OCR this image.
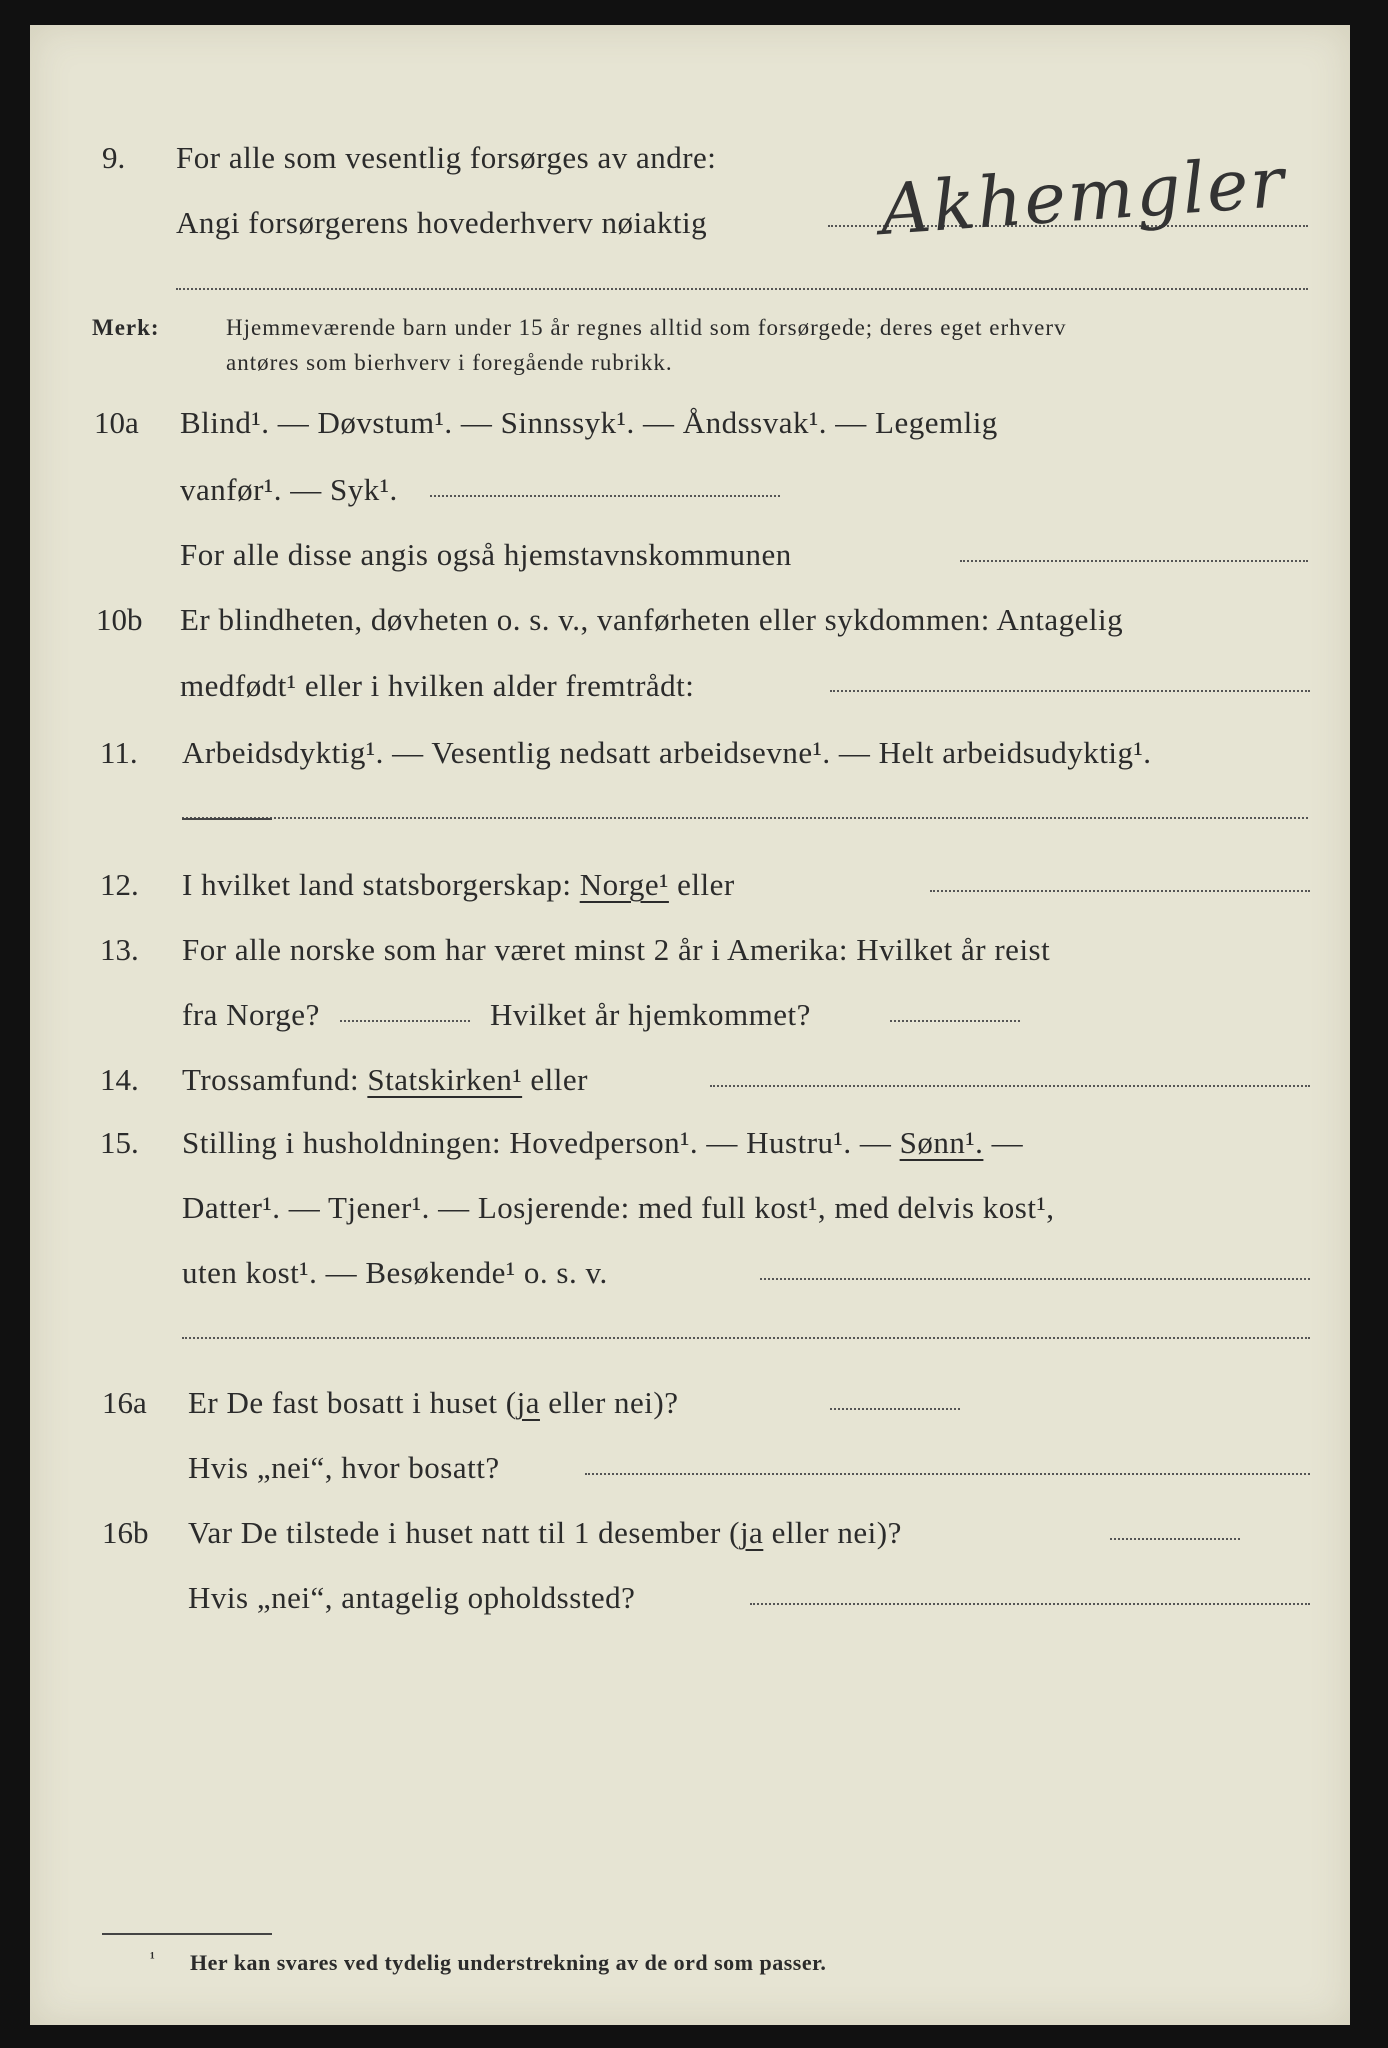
9. For alle som vesentlig forsørges av andre:
Angi forsørgerens hovederhverv nøiaktig Akhemgler
Merk:	Hjemmeværende barn under 15 år regnes alltid som forsørgede; deres eget erhverv
antøres som bierhverv i foregående rubrikk.
10a Blind¹. — Døvstum¹. — Sinnssyk¹. — Åndssvak¹. — Legemlig
vanfør¹. — Syk¹.
For alle disse angis også hjemstavnskommunen
10b Er blindheten, døvheten o. s. v., vanførheten eller sykdommen: Antagelig
medfødt¹ eller i hvilken alder fremtrådt:
11. Arbeidsdyktig¹. — Vesentlig nedsatt arbeidsevne¹. — Helt arbeidsudyktig¹.
12. I hvilket land statsborgerskap: Norge¹ eller
13. For alle norske som har været minst 2 år i Amerika: Hvilket år reist
fra Norge?	Hvilket år hjemkommet?
14. Trossamfund: Statskirken¹ eller
15. Stilling i husholdningen: Hovedperson¹. — Hustru¹. — Sønn¹. —
Datter¹. — Tjener¹. — Losjerende: med full kost¹, med delvis kost¹,
uten kost¹. — Besøkende¹ o. s. v.
16a Er De fast bosatt i huset (ja eller nei)?
Hvis „nei“, hvor bosatt?
16b Var De tilstede i huset natt til 1 desember (ja eller nei)?
Hvis „nei“, antagelig opholdssted?
¹ Her kan svares ved tydelig understrekning av de ord som passer.
